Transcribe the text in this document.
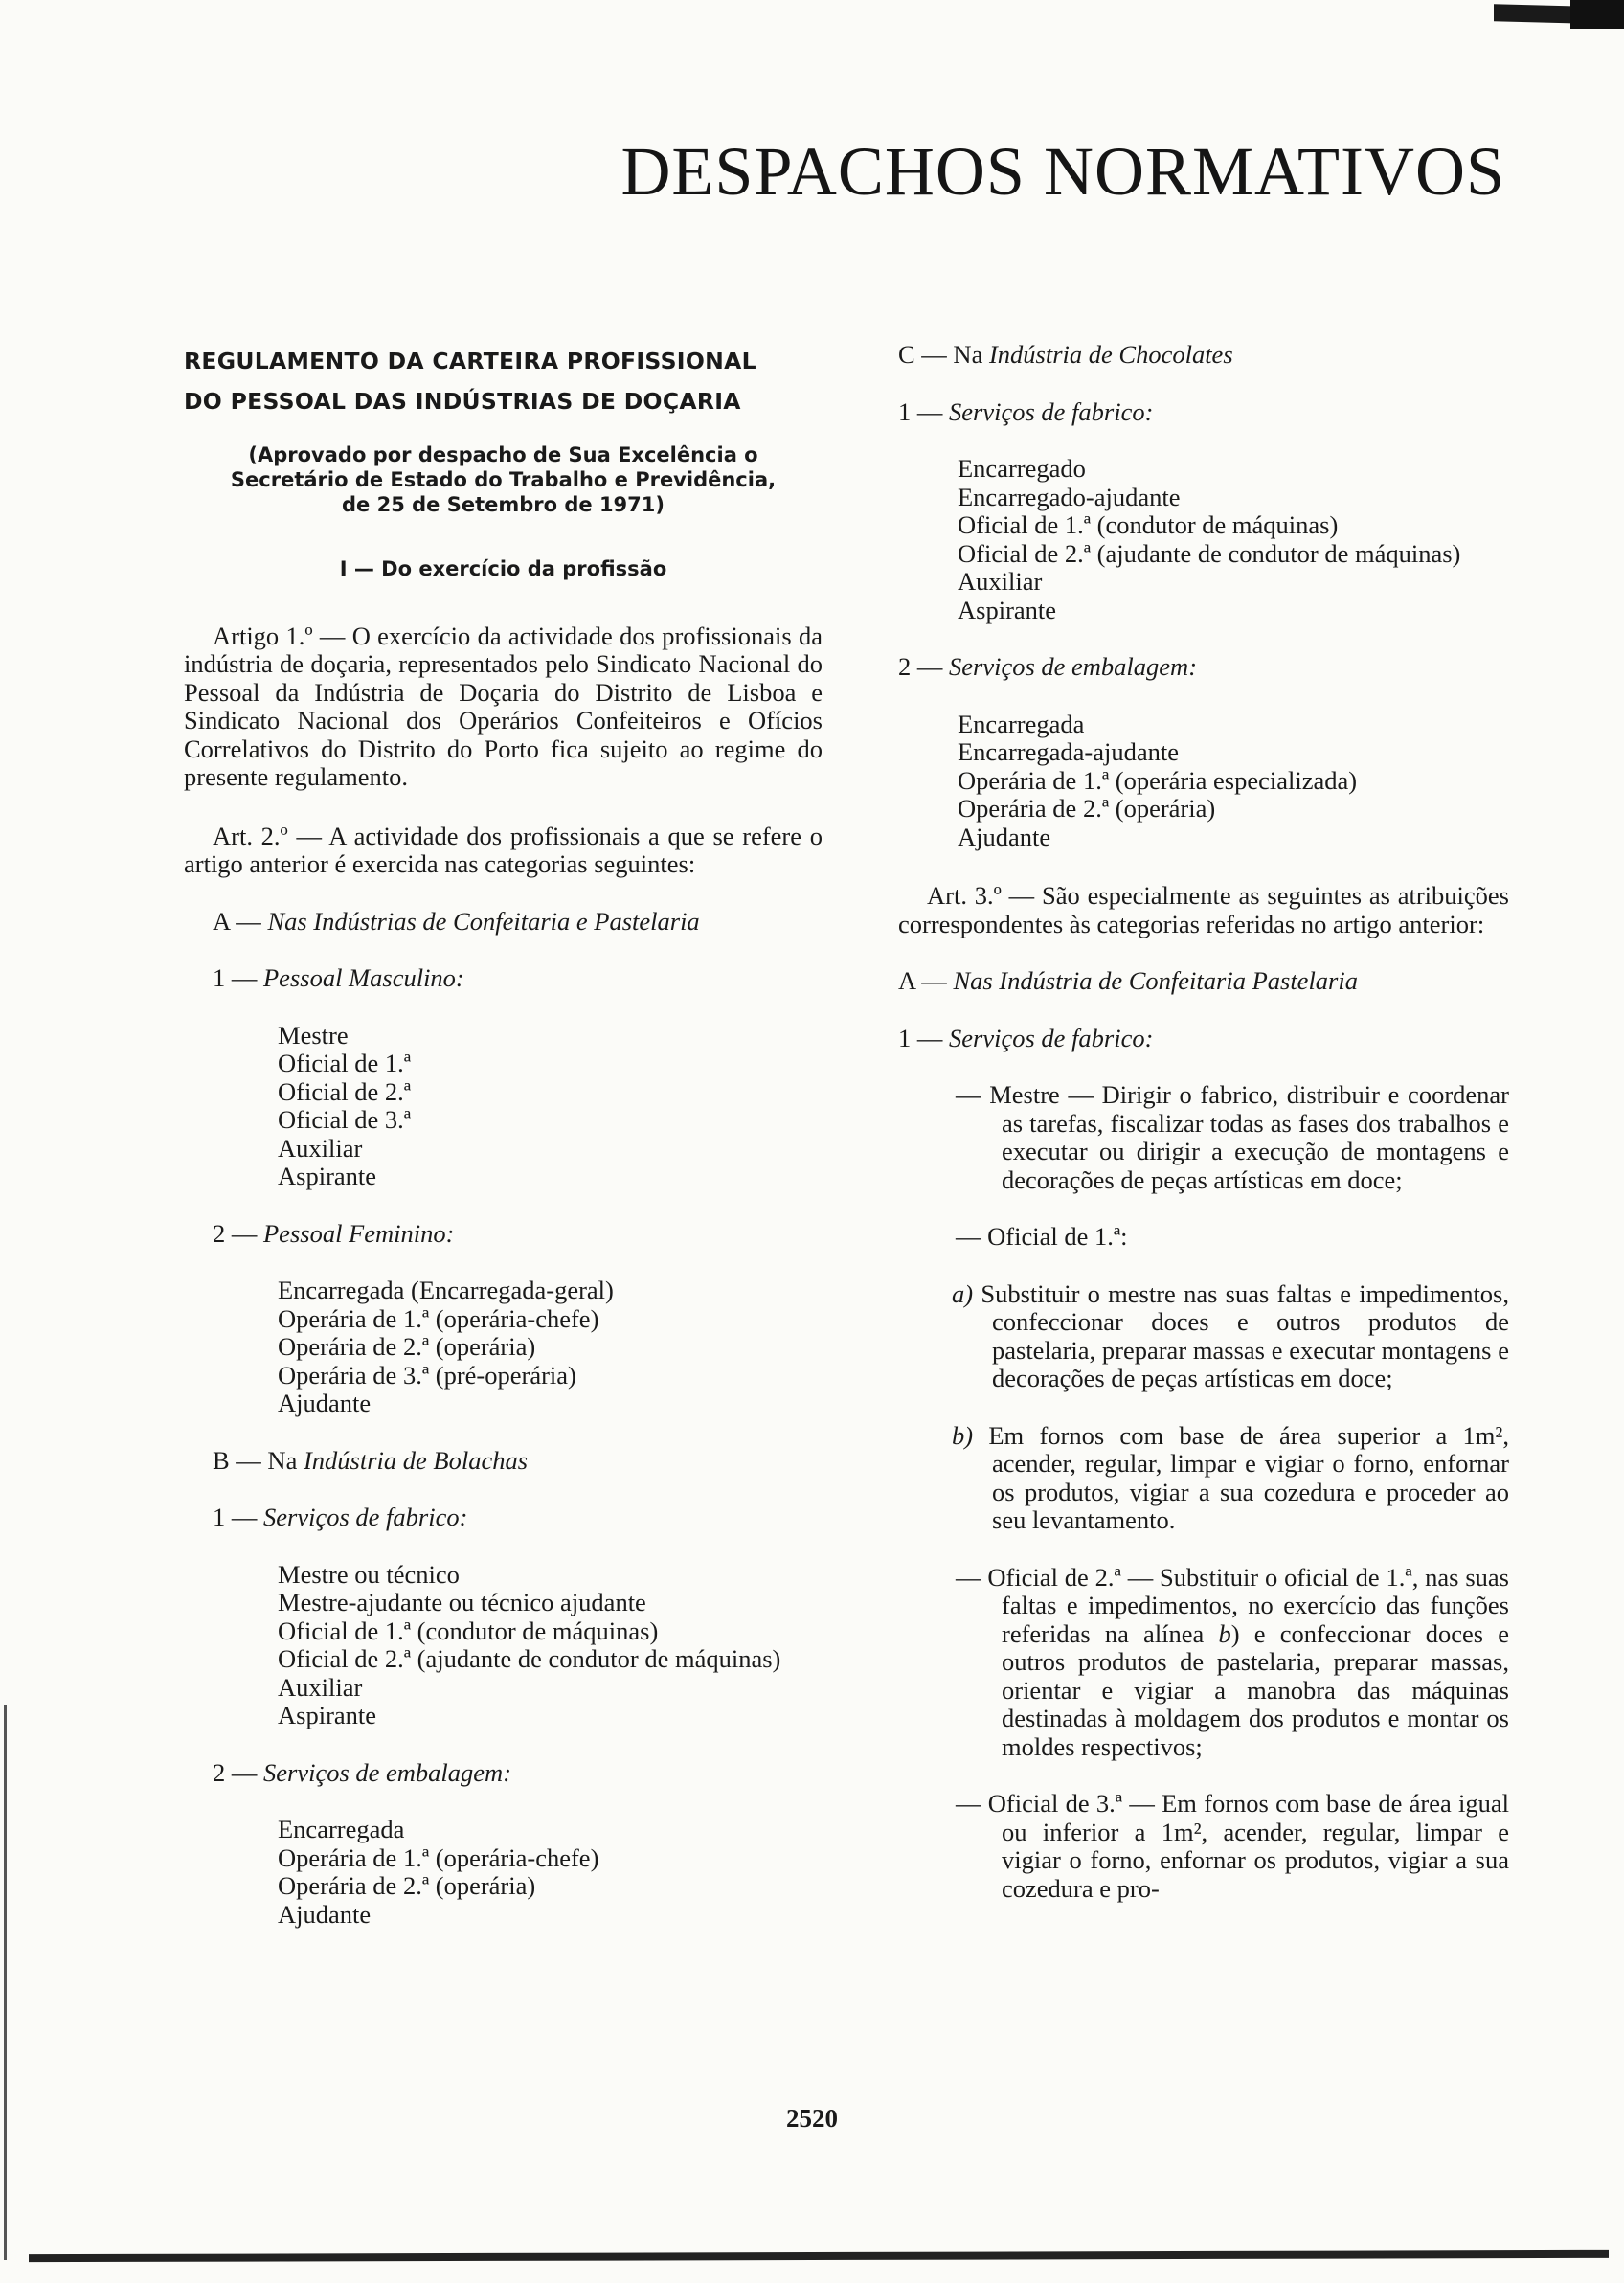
DESPACHOS NORMATIVOS

REGULAMENTO DA CARTEIRA PROFISSIONAL

DO PESSOAL DAS INDÚSTRIAS DE DOÇARIA

(Aprovado por despacho de Sua Excelência o
Secretário de Estado do Trabalho e Previdência,
de 25 de Setembro de 1971)

I — Do exercício da profissão

Artigo 1.º — O exercício da actividade dos profissionais da indústria de doçaria, representados pelo Sindicato Nacional do Pessoal da Indústria de Doçaria do Distrito de Lisboa e Sindicato Nacional dos Operários Confeiteiros e Ofícios Correlativos do Distrito do Porto fica sujeito ao regime do presente regulamento.

Art. 2.º — A actividade dos profissionais a que se refere o artigo anterior é exercida nas categorias seguintes:

A — Nas Indústrias de Confeitaria e Pastelaria

1 — Pessoal Masculino:

Mestre
Oficial de 1.ª
Oficial de 2.ª
Oficial de 3.ª
Auxiliar
Aspirante

2 — Pessoal Feminino:

Encarregada (Encarregada-geral)
Operária de 1.ª (operária-chefe)
Operária de 2.ª (operária)
Operária de 3.ª (pré-operária)
Ajudante

B — Na Indústria de Bolachas

1 — Serviços de fabrico:

Mestre ou técnico
Mestre-ajudante ou técnico ajudante
Oficial de 1.ª (condutor de máquinas)
Oficial de 2.ª (ajudante de condutor de máquinas)
Auxiliar
Aspirante

2 — Serviços de embalagem:

Encarregada
Operária de 1.ª (operária-chefe)
Operária de 2.ª (operária)
Ajudante

C — Na Indústria de Chocolates

1 — Serviços de fabrico:

Encarregado
Encarregado-ajudante
Oficial de 1.ª (condutor de máquinas)
Oficial de 2.ª (ajudante de condutor de máquinas)
Auxiliar
Aspirante

2 — Serviços de embalagem:

Encarregada
Encarregada-ajudante
Operária de 1.ª (operária especializada)
Operária de 2.ª (operária)
Ajudante

Art. 3.º — São especialmente as seguintes as atribuições correspondentes às categorias referidas no artigo anterior:

A — Nas Indústria de Confeitaria Pastelaria

1 — Serviços de fabrico:

— Mestre — Dirigir o fabrico, distribuir e coordenar as tarefas, fiscalizar todas as fases dos trabalhos e executar ou dirigir a execução de montagens e decorações de peças artísticas em doce;

— Oficial de 1.ª:

a) Substituir o mestre nas suas faltas e impedimentos, confeccionar doces e outros produtos de pastelaria, preparar massas e executar montagens e decorações de peças artísticas em doce;

b) Em fornos com base de área superior a 1m², acender, regular, limpar e vigiar o forno, enfornar os produtos, vigiar a sua cozedura e proceder ao seu levantamento.

— Oficial de 2.ª — Substituir o oficial de 1.ª, nas suas faltas e impedimentos, no exercício das funções referidas na alínea b) e confeccionar doces e outros produtos de pastelaria, preparar massas, orientar e vigiar a manobra das máquinas destinadas à moldagem dos produtos e montar os moldes respectivos;

— Oficial de 3.ª — Em fornos com base de área igual ou inferior a 1m², acender, regular, limpar e vigiar o forno, enfornar os produtos, vigiar a sua cozedura e pro-

2520
